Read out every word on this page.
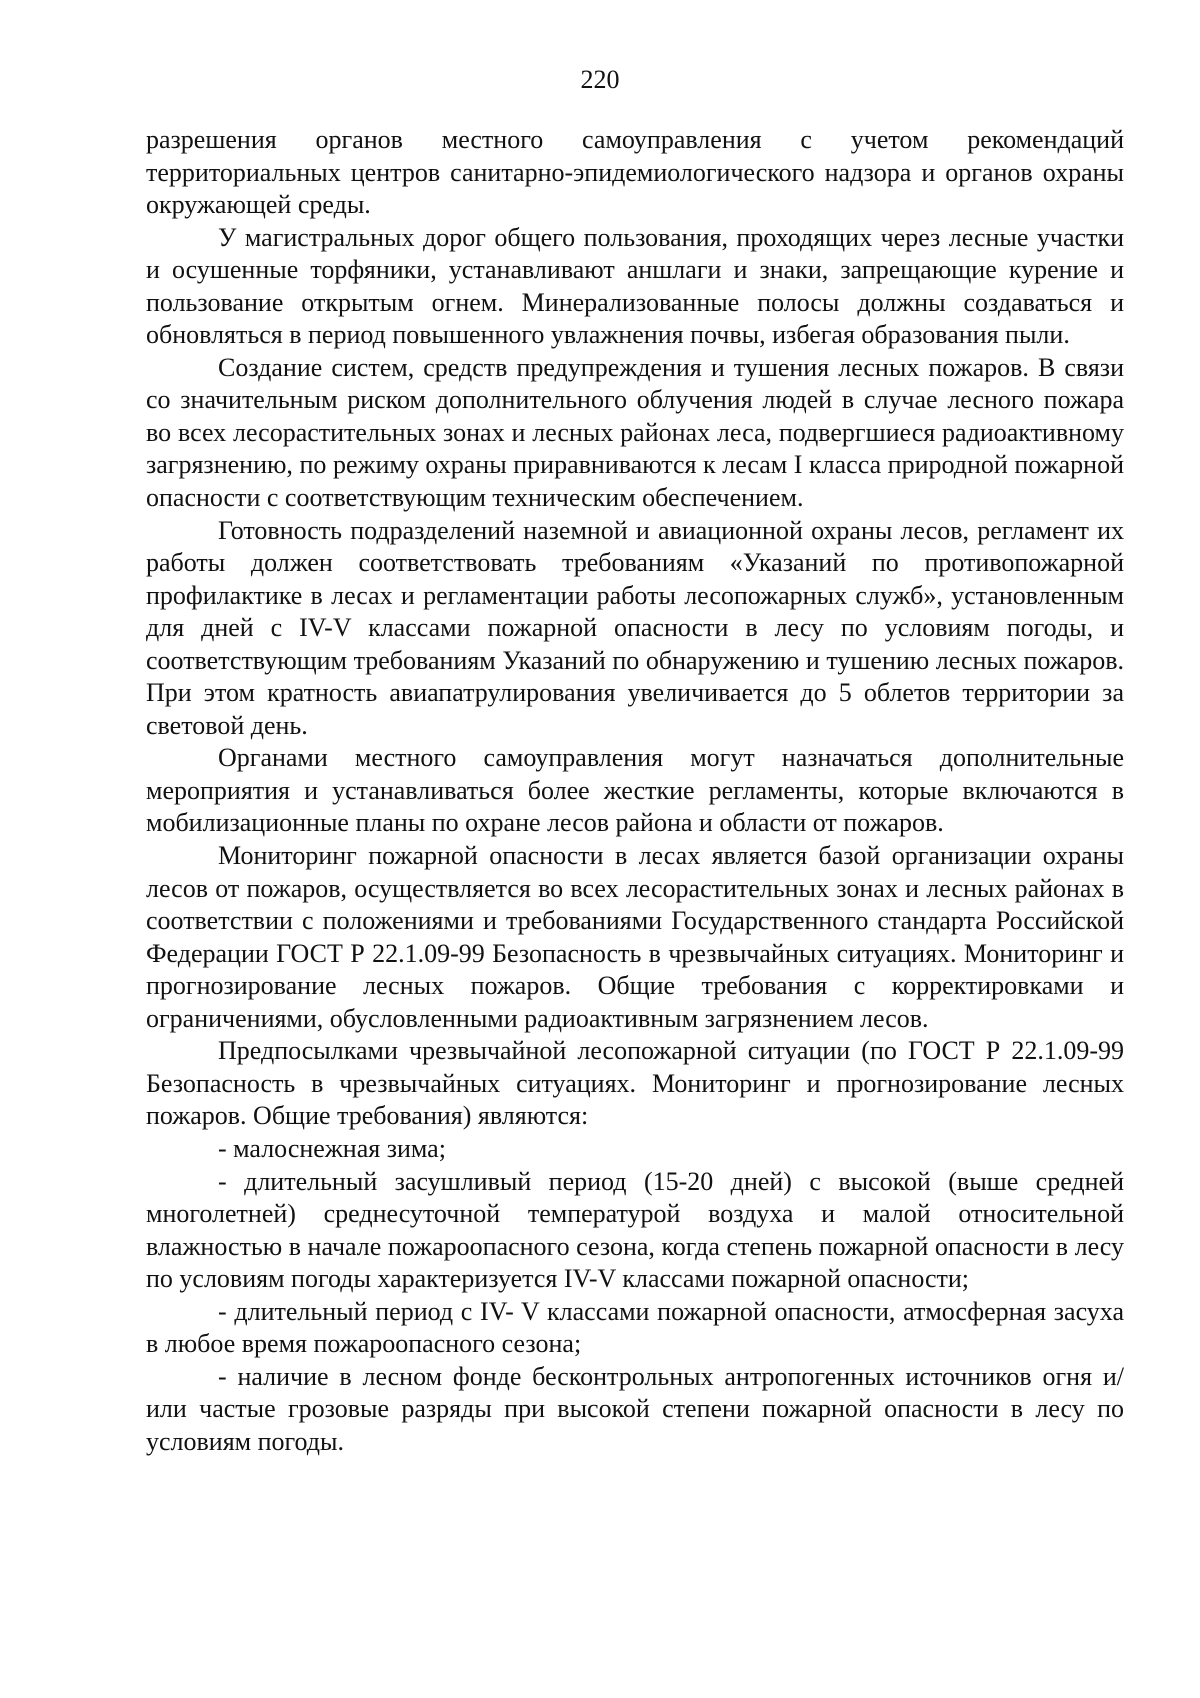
220

разрешения органов местного самоуправления с учетом рекомендаций территориальных центров санитарно-эпидемиологического надзора и органов охраны окружающей среды.

У магистральных дорог общего пользования, проходящих через лесные участки и осушенные торфяники, устанавливают аншлаги и знаки, запрещающие курение и пользование открытым огнем. Минерализованные полосы должны создаваться и обновляться в период повышенного увлажнения почвы, избегая образования пыли.

Создание систем, средств предупреждения и тушения лесных пожаров. В связи со значительным риском дополнительного облучения людей в случае лесного пожара во всех лесорастительных зонах и лесных районах леса, подвергшиеся радиоактивному загрязнению, по режиму охраны приравниваются к лесам I класса природной пожарной опасности с соответствующим техническим обеспечением.

Готовность подразделений наземной и авиационной охраны лесов, регламент их работы должен соответствовать требованиям «Указаний по противопожарной профилактике в лесах и регламентации работы лесопожарных служб», установленным для дней с IV-V классами пожарной опасности в лесу по условиям погоды, и соответствующим требованиям Указаний по обнаружению и тушению лесных пожаров. При этом кратность авиапатрулирования увеличивается до 5 облетов территории за световой день.

Органами местного самоуправления могут назначаться дополнительные мероприятия и устанавливаться более жесткие регламенты, которые включаются в мобилизационные планы по охране лесов района и области от пожаров.

Мониторинг пожарной опасности в лесах является базой организации охраны лесов от пожаров, осуществляется во всех лесорастительных зонах и лесных районах в соответствии с положениями и требованиями Государственного стандарта Российской Федерации ГОСТ Р 22.1.09-99 Безопасность в чрезвычайных ситуациях. Мониторинг и прогнозирование лесных пожаров. Общие требования с корректировками и ограничениями, обусловленными радиоактивным загрязнением лесов.

Предпосылками чрезвычайной лесопожарной ситуации (по ГОСТ Р 22.1.09-99 Безопасность в чрезвычайных ситуациях. Мониторинг и прогнозирование лесных пожаров. Общие требования) являются:

- малоснежная зима;

- длительный засушливый период (15-20 дней) с высокой (выше средней многолетней) среднесуточной температурой воздуха и малой относительной влажностью в начале пожароопасного сезона, когда степень пожарной опасности в лесу по условиям погоды характеризуется IV-V классами пожарной опасности;

- длительный период с IV- V классами пожарной опасности, атмосферная засуха в любое время пожароопасного сезона;

- наличие в лесном фонде бесконтрольных антропогенных источников огня и/или частые грозовые разряды при высокой степени пожарной опасности в лесу по условиям погоды.
